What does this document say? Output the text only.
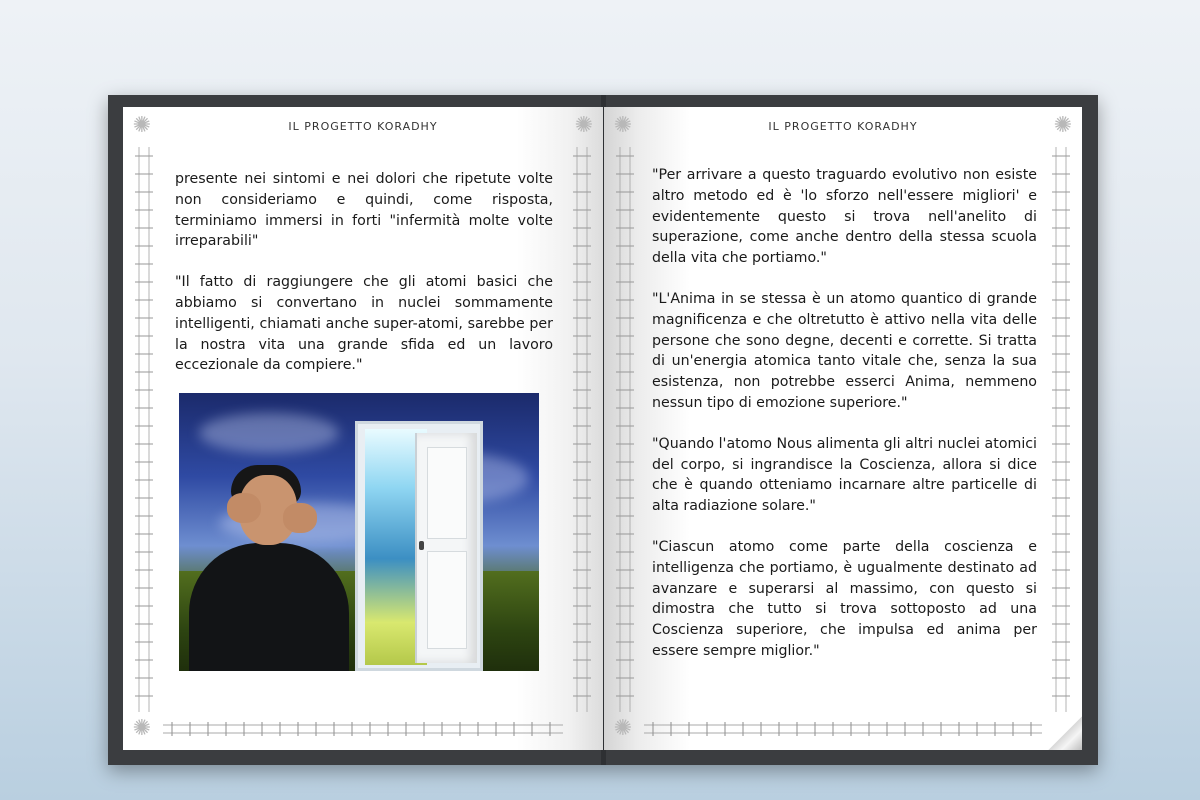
✺	✺
✺
IL PROGETTO KORADHY

presente nei sintomi e nei dolori che ripetute volte non consideriamo e quindi, come risposta, terminiamo immersi in forti "infermità molte volte irreparabili"

"Il fatto di raggiungere che gli atomi basici che abbiamo si convertano in nuclei sommamente intelligenti, chiamati anche super-atomi, sarebbe per la nostra vita una grande sfida ed un lavoro eccezionale da compiere."

✺	✺
✺
IL PROGETTO KORADHY

"Per arrivare a questo traguardo evolutivo non esiste altro metodo ed è 'lo sforzo nell'essere migliori' e evidentemente questo si trova nell'anelito di superazione, come anche dentro della stessa scuola della vita che portiamo."

"L'Anima in se stessa è un atomo quantico di grande magnificenza e che oltretutto è attivo nella vita delle persone che sono degne, decenti e corrette. Si tratta di un'energia atomica tanto vitale che, senza la sua esistenza, non potrebbe esserci Anima, nemmeno nessun tipo di emozione superiore."

"Quando l'atomo Nous alimenta gli altri nuclei atomici del corpo, si ingrandisce la Coscienza, allora si dice che è quando otteniamo incarnare altre particelle di alta radiazione solare."

"Ciascun atomo come parte della coscienza e intelligenza che portiamo, è ugualmente destinato ad avanzare e superarsi al massimo, con questo si dimostra che tutto si trova sottoposto ad una Coscienza superiore, che impulsa ed anima per essere sempre miglior."
